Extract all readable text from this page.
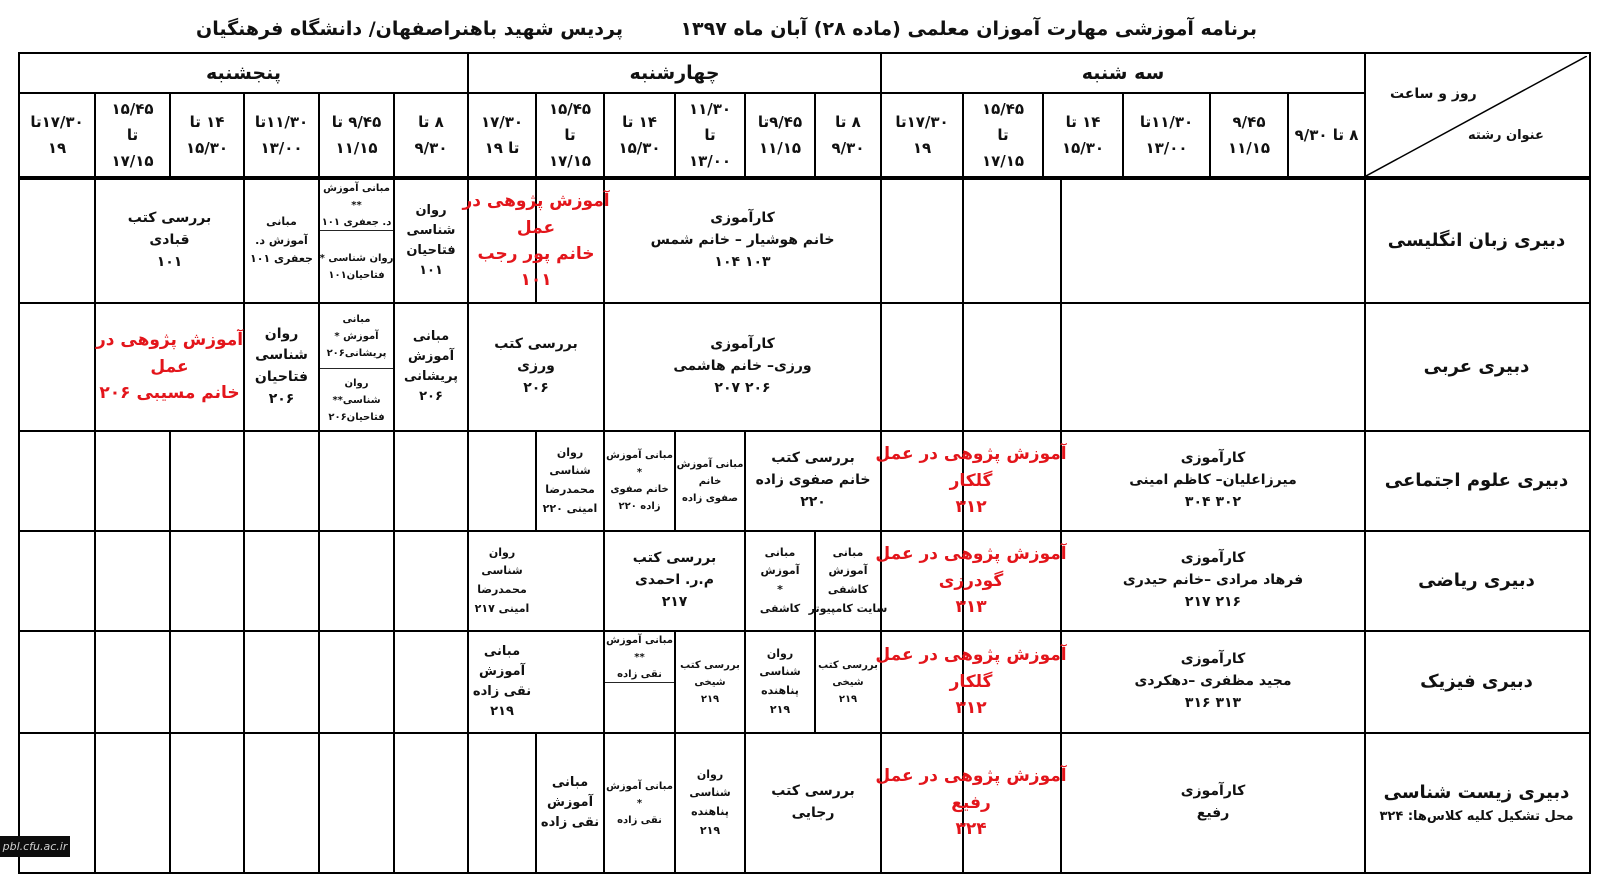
برنامه آموزشی مهارت آموزان معلمی (ماده ۲۸) آبان ماه ۱۳۹۷
پردیس شهید باهنراصفهان/ دانشگاه فرهنگیان
روز و ساعت
عنوان رشته
سه شنبه
چهارشنبه
پنجشنبه
۸ تا ۹/۳۰
۹/۴۵
۱۱/۱۵
۱۱/۳۰تا
۱۳/۰۰
۱۴ تا
۱۵/۳۰
۱۵/۴۵
تا
۱۷/۱۵
۱۷/۳۰تا
۱۹
۸ تا
۹/۳۰
۹/۴۵تا
۱۱/۱۵
۱۱/۳۰
تا
۱۳/۰۰
۱۴ تا
۱۵/۳۰
۱۵/۴۵
تا
۱۷/۱۵
۱۷/۳۰
تا ۱۹
۸ تا
۹/۳۰
۹/۴۵ تا
۱۱/۱۵
۱۱/۳۰تا
۱۳/۰۰
۱۴ تا
۱۵/۳۰
۱۵/۴۵
تا
۱۷/۱۵
۱۷/۳۰تا
۱۹
دبیری زبان انگلیسی
دبیری عربی
دبیری علوم اجتماعی
دبیری ریاضی
دبیری فیزیک
دبیری زیست شناسی
محل تشکیل کلیه کلاس‌ها: ۳۲۴
کارآموزی
خانم هوشیار – خانم شمس
۱۰۳ ۱۰۴
آموزش پژوهی در
عمل
خانم پور رجب
۱۰۱
روان
شناسی
فتاحیان
۱۰۱
مبانی آموزش
**
د. جعفری ۱۰۱
روان شناسی *
فتاحیان۱۰۱
مبانی
آموزش د.
جعفری ۱۰۱
بررسی کتب
قبادی
۱۰۱
کارآموزی
ورزی– خانم هاشمی
۲۰۶ ۲۰۷
بررسی کتب
ورزی
۲۰۶
مبانی
آموزش
پریشانی
۲۰۶
مبانی
آموزش *
پریشانی۲۰۶
روان
شناسی**
فتاحیان۲۰۶
روان
شناسی
فتاحیان
۲۰۶
آموزش پژوهی در
عمل
خانم مسیبی ۲۰۶
کارآموزی
میرزاعلیان– کاظم امینی
۳۰۲ ۳۰۴
آموزش پژوهی در عمل
گلکار
۳۱۲
بررسی کتب
خانم صفوی زاده
۲۲۰
مبانی آموزش
خانم
صفوی زاده
مبانی آموزش
*
خانم صفوی
زاده ۲۲۰
روان
شناسی
محمدرضا
امینی ۲۲۰
کارآموزی
فرهاد مرادی –خانم حیدری
۲۱۶ ۲۱۷
آموزش پژوهی در عمل
گودرزی
۳۱۳
مبانی
آموزش
کاشفی
سایت کامپیوتر
مبانی
آموزش
*
کاشفی
بررسی کتب
م.ر. احمدی
۲۱۷
روان
شناسی
محمدرضا
امینی ۲۱۷
کارآموزی
مجید مظفری –دهکردی
۳۱۳ ۳۱۶
آموزش پژوهی در عمل
گلکار
۳۱۲
بررسی کتب
شیخی
۲۱۹
روان
شناسی
پناهنده
۲۱۹
بررسی کتب
شیخی
۲۱۹
مبانی آموزش
**
نقی زاده
مبانی
آموزش
نقی زاده
۲۱۹
کارآموزی
رفیع
آموزش پژوهی در عمل
رفیع
۳۲۴
بررسی کتب
رجایی
روان
شناسی
پناهنده
۲۱۹
مبانی آموزش
*
نقی زاده
مبانی
آموزش
نقی زاده
pbl.cfu.ac.ir
